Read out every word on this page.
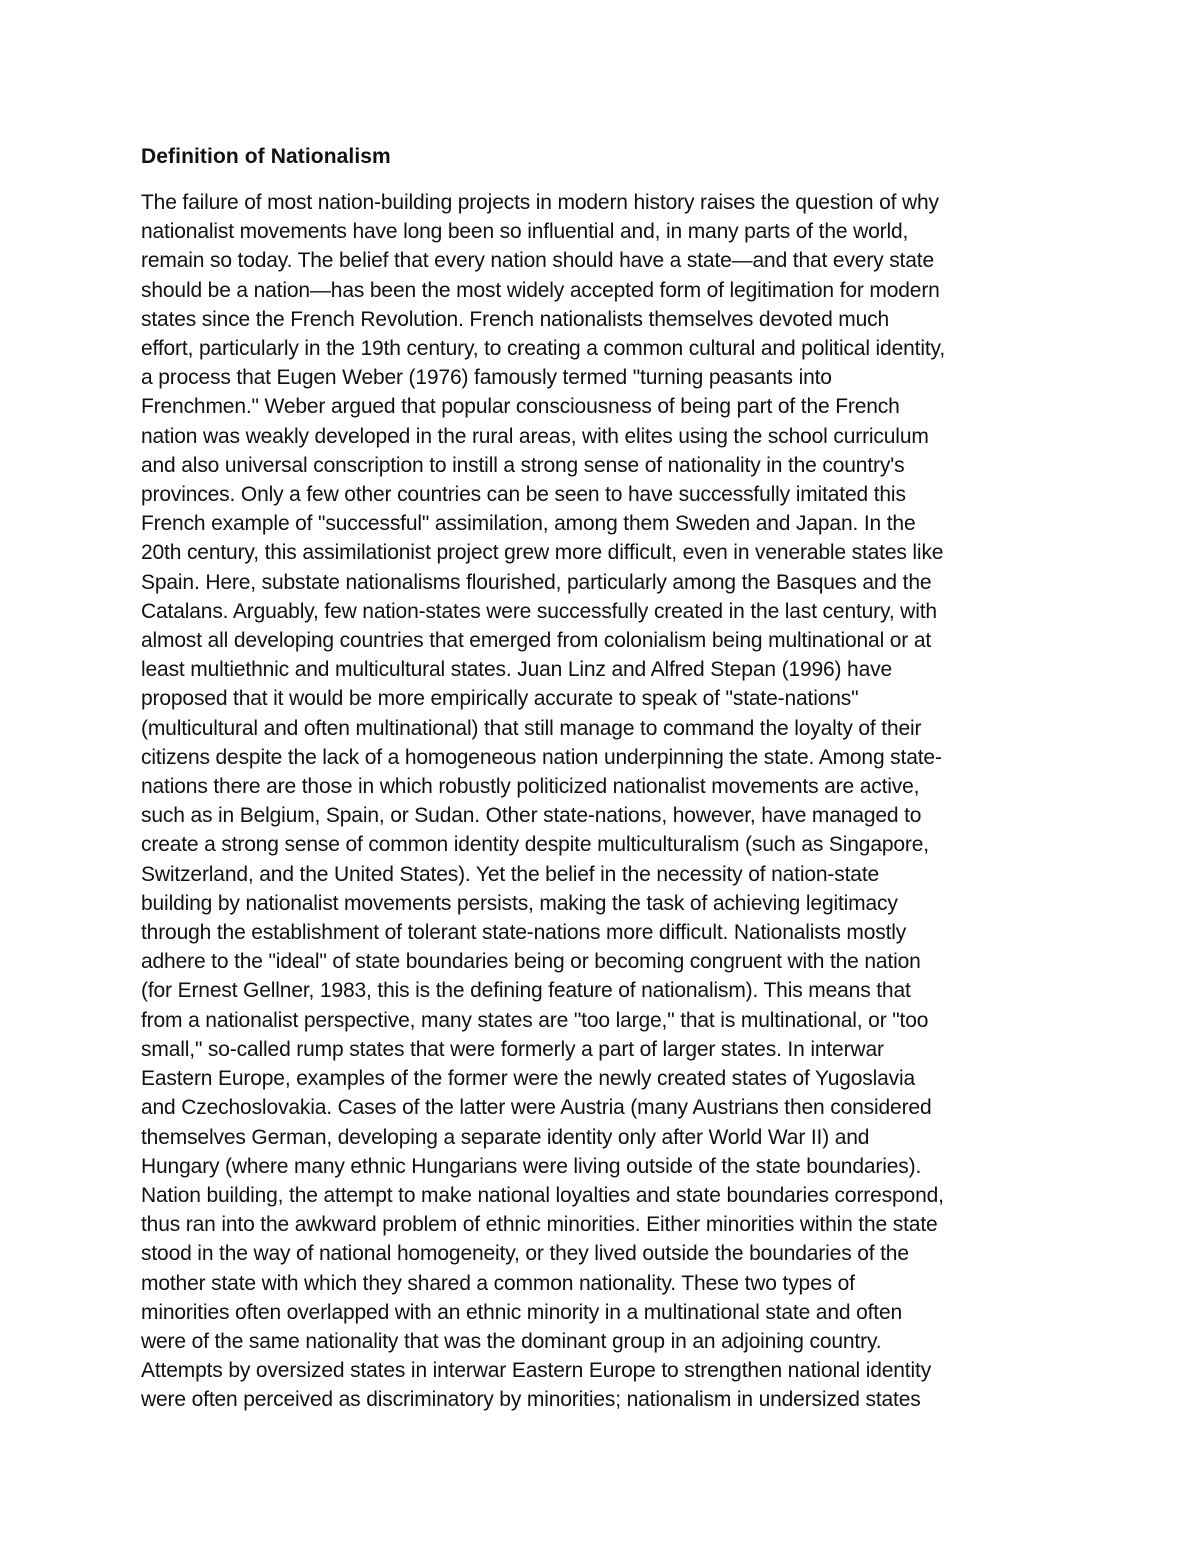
Definition of Nationalism
The failure of most nation-building projects in modern history raises the question of why
nationalist movements have long been so influential and, in many parts of the world,
remain so today. The belief that every nation should have a state—and that every state
should be a nation—has been the most widely accepted form of legitimation for modern
states since the French Revolution. French nationalists themselves devoted much
effort, particularly in the 19th century, to creating a common cultural and political identity,
a process that Eugen Weber (1976) famously termed "turning peasants into
Frenchmen." Weber argued that popular consciousness of being part of the French
nation was weakly developed in the rural areas, with elites using the school curriculum
and also universal conscription to instill a strong sense of nationality in the country's
provinces. Only a few other countries can be seen to have successfully imitated this
French example of "successful" assimilation, among them Sweden and Japan. In the
20th century, this assimilationist project grew more difficult, even in venerable states like
Spain. Here, substate nationalisms flourished, particularly among the Basques and the
Catalans. Arguably, few nation-states were successfully created in the last century, with
almost all developing countries that emerged from colonialism being multinational or at
least multiethnic and multicultural states. Juan Linz and Alfred Stepan (1996) have
proposed that it would be more empirically accurate to speak of "state-nations"
(multicultural and often multinational) that still manage to command the loyalty of their
citizens despite the lack of a homogeneous nation underpinning the state. Among state-
nations there are those in which robustly politicized nationalist movements are active,
such as in Belgium, Spain, or Sudan. Other state-nations, however, have managed to
create a strong sense of common identity despite multiculturalism (such as Singapore,
Switzerland, and the United States). Yet the belief in the necessity of nation-state
building by nationalist movements persists, making the task of achieving legitimacy
through the establishment of tolerant state-nations more difficult. Nationalists mostly
adhere to the "ideal" of state boundaries being or becoming congruent with the nation
(for Ernest Gellner, 1983, this is the defining feature of nationalism). This means that
from a nationalist perspective, many states are "too large," that is multinational, or "too
small," so-called rump states that were formerly a part of larger states. In interwar
Eastern Europe, examples of the former were the newly created states of Yugoslavia
and Czechoslovakia. Cases of the latter were Austria (many Austrians then considered
themselves German, developing a separate identity only after World War II) and
Hungary (where many ethnic Hungarians were living outside of the state boundaries).
Nation building, the attempt to make national loyalties and state boundaries correspond,
thus ran into the awkward problem of ethnic minorities. Either minorities within the state
stood in the way of national homogeneity, or they lived outside the boundaries of the
mother state with which they shared a common nationality. These two types of
minorities often overlapped with an ethnic minority in a multinational state and often
were of the same nationality that was the dominant group in an adjoining country.
Attempts by oversized states in interwar Eastern Europe to strengthen national identity
were often perceived as discriminatory by minorities; nationalism in undersized states
